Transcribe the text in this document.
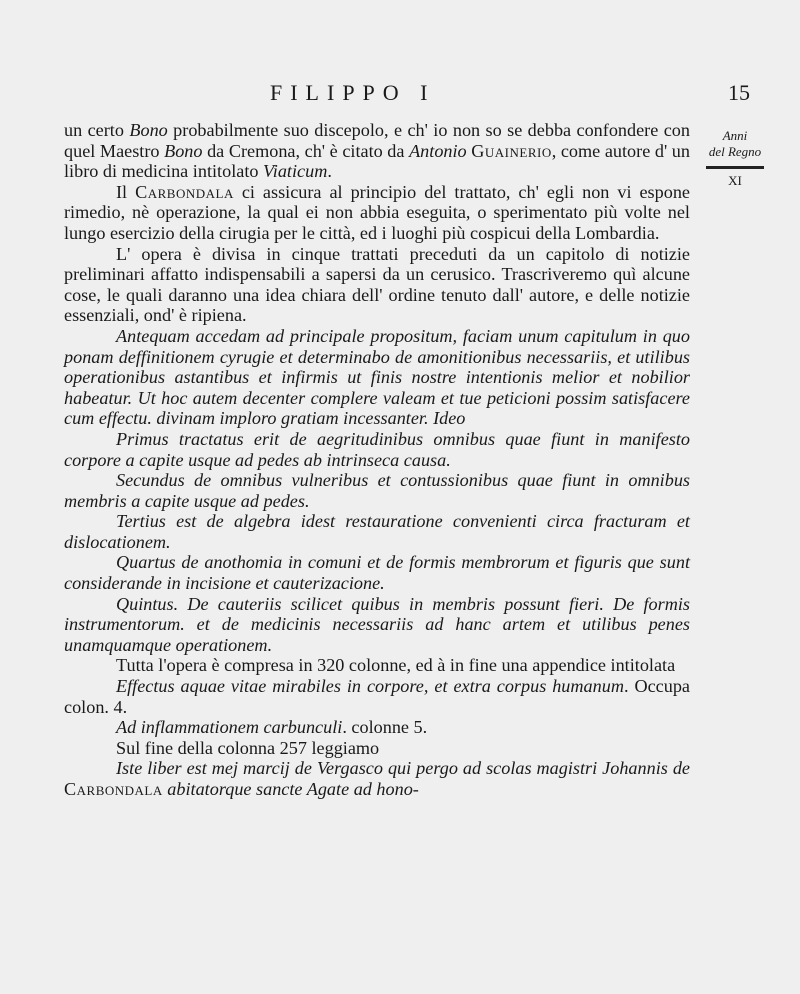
FILIPPO I	15
Anni
del Regno
XI

un certo Bono probabilmente suo discepolo, e ch' io non so se debba confondere con quel Maestro Bono da Cremona, ch' è citato da Antonio Guainerio, come autore d' un libro di medicina intitolato Viaticum.

Il Carbondala ci assicura al principio del trattato, ch' egli non vi espone rimedio, nè operazione, la qual ei non abbia eseguita, o sperimentato più volte nel lungo esercizio della cirugia per le città, ed i luoghi più cospicui della Lombardia.

L' opera è divisa in cinque trattati preceduti da un capitolo di notizie preliminari affatto indispensabili a sapersi da un cerusico. Trascriveremo quì alcune cose, le quali daranno una idea chiara dell' ordine tenuto dall' autore, e delle notizie essenziali, ond' è ripiena.

Antequam accedam ad principale propositum, faciam unum capitulum in quo ponam deffinitionem cyrugie et determinabo de amonitionibus necessariis, et utilibus operationibus astantibus et infirmis ut finis nostre intentionis melior et nobilior habeatur. Ut hoc autem decenter complere valeam et tue peticioni possim satisfacere cum effectu. divinam imploro gratiam incessanter. Ideo

Primus tractatus erit de aegritudinibus omnibus quae fiunt in manifesto corpore a capite usque ad pedes ab intrinseca causa.

Secundus de omnibus vulneribus et contussionibus quae fiunt in omnibus membris a capite usque ad pedes.

Tertius est de algebra idest restauratione convenienti circa fracturam et dislocationem.

Quartus de anothomia in comuni et de formis membrorum et figuris que sunt considerande in incisione et cauterizacione.

Quintus. De cauteriis scilicet quibus in membris possunt fieri. De formis instrumentorum. et de medicinis necessariis ad hanc artem et utilibus penes unamquamque operationem.

Tutta l'opera è compresa in 320 colonne, ed à in fine una appendice intitolata

Effectus aquae vitae mirabiles in corpore, et extra corpus humanum. Occupa colon. 4.

Ad inflammationem carbunculi. colonne 5.

Sul fine della colonna 257 leggiamo

Iste liber est mej marcij de Vergasco qui pergo ad scolas magistri Johannis de Carbondala abitatorque sancte Agate ad hono-
